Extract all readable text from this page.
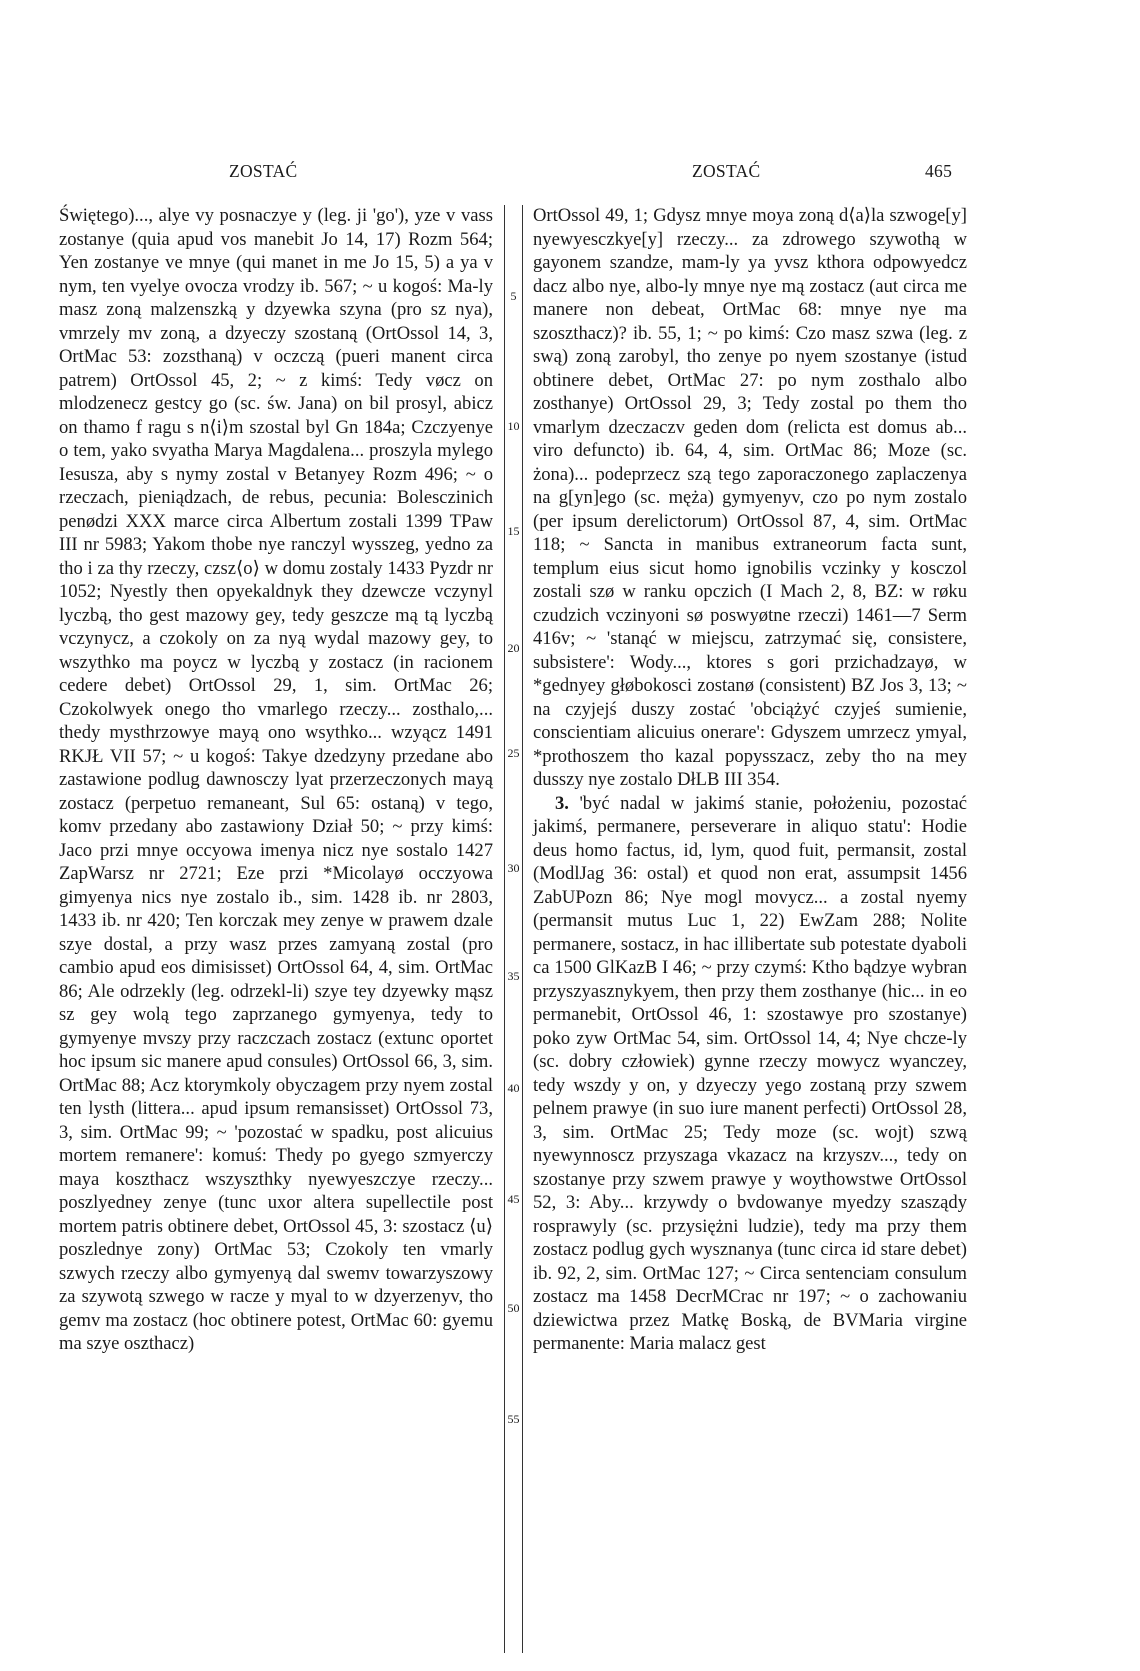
ZOSTAĆ	ZOSTAĆ	465

Świętego)..., alye vy posnaczye y (leg. ji 'go'), yze v vass zostanye (quia apud vos manebit Jo 14, 17) Rozm 564; Yen zostanye ve mnye (qui manet in me Jo 15, 5) a ya v nym, ten vyelye ovocza vrodzy ib. 567; ~ u kogoś: Ma-ly masz zoną malzenszką y dzyewka szyna (pro sz nya), vmrzely mv zoną, a dzyeczy szostaną (OrtOssol 14, 3, OrtMac 53: zozsthaną) v oczczą (pueri manent circa patrem) OrtOssol 45, 2; ~ z kimś: Tedy vøcz on mlodzenecz gestcy go (sc. św. Jana) on bil prosyl, abicz on thamo f ragu s n⟨i⟩m szostal byl Gn 184a; Czczyenye o tem, yako svyatha Marya Magdalena... proszyla mylego Iesusza, aby s nymy zostal v Betanyey Rozm 496; ~ o rzeczach, pieniądzach, de rebus, pecunia: Bolesczinich penødzi XXX marce circa Albertum zostali 1399 TPaw III nr 5983; Yakom thobe nye ranczyl wysszeg, yedno za tho i za thy rzeczy, czsz⟨o⟩ w domu zostaly 1433 Pyzdr nr 1052; Nyestly then opyekaldnyk they dzewcze vczynyl lyczbą, tho gest mazowy gey, tedy geszcze mą tą lyczbą vczynycz, a czokoly on za nyą wydal mazowy gey, to wszythko ma poycz w lyczbą y zostacz (in racionem cedere debet) OrtOssol 29, 1, sim. OrtMac 26; Czokolwyek onego tho vmarlego rzeczy... zosthalo,... thedy mysthrzowye mayą ono wsythko... wzyącz 1491 RKJŁ VII 57; ~ u kogoś: Takye dzedzyny przedane abo zastawione podlug dawnosczy lyat przerzeczonych mayą zostacz (perpetuo remaneant, Sul 65: ostaną) v tego, komv przedany abo zastawiony Dział 50; ~ przy kimś: Jaco przi mnye occyowa imenya nicz nye sostalo 1427 ZapWarsz nr 2721; Eze przi *Micolayø occzyowa gimyenya nics nye zostalo ib., sim. 1428 ib. nr 2803, 1433 ib. nr 420; Ten korczak mey zenye w prawem dzale szye dostal, a przy wasz przes zamyaną zostal (pro cambio apud eos dimisisset) OrtOssol 64, 4, sim. OrtMac 86; Ale odrzekly (leg. odrzekl-li) szye tey dzyewky mąsz sz gey wolą tego zaprzanego gymyenya, tedy to gymyenye mvszy przy raczczach zostacz (extunc oportet hoc ipsum sic manere apud consules) OrtOssol 66, 3, sim. OrtMac 88; Acz ktorymkoly obyczagem przy nyem zostal ten lysth (littera... apud ipsum remansisset) OrtOssol 73, 3, sim. OrtMac 99; ~ 'pozostać w spadku, post alicuius mortem remanere': komuś: Thedy po gyego szmyerczy maya koszthacz wszyszthky nyewyeszczye rzeczy... poszlyedney zenye (tunc uxor altera supellectile post mortem patris obtinere debet, OrtOssol 45, 3: szostacz ⟨u⟩ poszlednye zony) OrtMac 53; Czokoly ten vmarly szwych rzeczy albo gymyenyą dal swemv towarzyszowy za szywotą szwego w racze y myal to w dzyerzenyv, tho gemv ma zostacz (hoc obtinere potest, OrtMac 60: gyemu ma szye oszthacz)

5
10
15
20
25
30
35
40
45
50
55

OrtOssol 49, 1; Gdysz mnye moya zoną d⟨a⟩la szwoge[y] nyewyesczkye[y] rzeczy... za zdrowego szywothą w gayonem szandze, mam-ly ya yvsz kthora odpowyedcz dacz albo nye, albo-ly mnye nye mą zostacz (aut circa me manere non debeat, OrtMac 68: mnye nye ma szoszthacz)? ib. 55, 1; ~ po kimś: Czo masz szwa (leg. z swą) zoną zarobyl, tho zenye po nyem szostanye (istud obtinere debet, OrtMac 27: po nym zosthalo albo zosthanye) OrtOssol 29, 3; Tedy zostal po them tho vmarlym dzeczaczv geden dom (relicta est domus ab... viro defuncto) ib. 64, 4, sim. OrtMac 86; Moze (sc. żona)... podeprzecz szą tego zaporaczonego zaplaczenya na g[yn]ego (sc. męża) gymyenyv, czo po nym zostalo (per ipsum derelictorum) OrtOssol 87, 4, sim. OrtMac 118; ~ Sancta in manibus extraneorum facta sunt, templum eius sicut homo ignobilis vczinky y kosczol zostali szø w ranku opczich (I Mach 2, 8, BZ: w røku czudzich vczinyoni sø poswyøtne rzeczi) 1461—7 Serm 416v; ~ 'stanąć w miejscu, zatrzymać się, consistere, subsistere': Wody..., ktores s gori przichadzayø, w *gednyey głøbokosci zostanø (consistent) BZ Jos 3, 13; ~ na czyjejś duszy zostać 'obciążyć czyjeś sumienie, conscientiam alicuius onerare': Gdyszem umrzecz ymyal, *prothoszem tho kazal popysszacz, zeby tho na mey dusszy nye zostalo DłLB III 354.

3. 'być nadal w jakimś stanie, położeniu, pozostać jakimś, permanere, perseverare in aliquo statu': Hodie deus homo factus, id, lym, quod fuit, permansit, zostal (ModlJag 36: ostal) et quod non erat, assumpsit 1456 ZabUPozn 86; Nye mogl movycz... a zostal nyemy (permansit mutus Luc 1, 22) EwZam 288; Nolite permanere, sostacz, in hac illibertate sub potestate dyaboli ca 1500 GlKazB I 46; ~ przy czymś: Ktho bądzye wybran przyszyasznykyem, then przy them zosthanye (hic... in eo permanebit, OrtOssol 46, 1: szostawye pro szostanye) poko zyw OrtMac 54, sim. OrtOssol 14, 4; Nye chcze-ly (sc. dobry człowiek) gynne rzeczy mowycz wyanczey, tedy wszdy y on, y dzyeczy yego zostaną przy szwem pelnem prawye (in suo iure manent perfecti) OrtOssol 28, 3, sim. OrtMac 25; Tedy moze (sc. wojt) szwą nyewynnoscz przyszaga vkazacz na krzyszv..., tedy on szostanye przy szwem prawye y woythowstwe OrtOssol 52, 3: Aby... krzywdy o bvdowanye myedzy szasządy rosprawyly (sc. przysiężni ludzie), tedy ma przy them zostacz podlug gych wysznanya (tunc circa id stare debet) ib. 92, 2, sim. OrtMac 127; ~ Circa sentenciam consulum zostacz ma 1458 DecrMCrac nr 197; ~ o zachowaniu dziewictwa przez Matkę Boską, de BVMaria virgine permanente: Maria malacz gest
